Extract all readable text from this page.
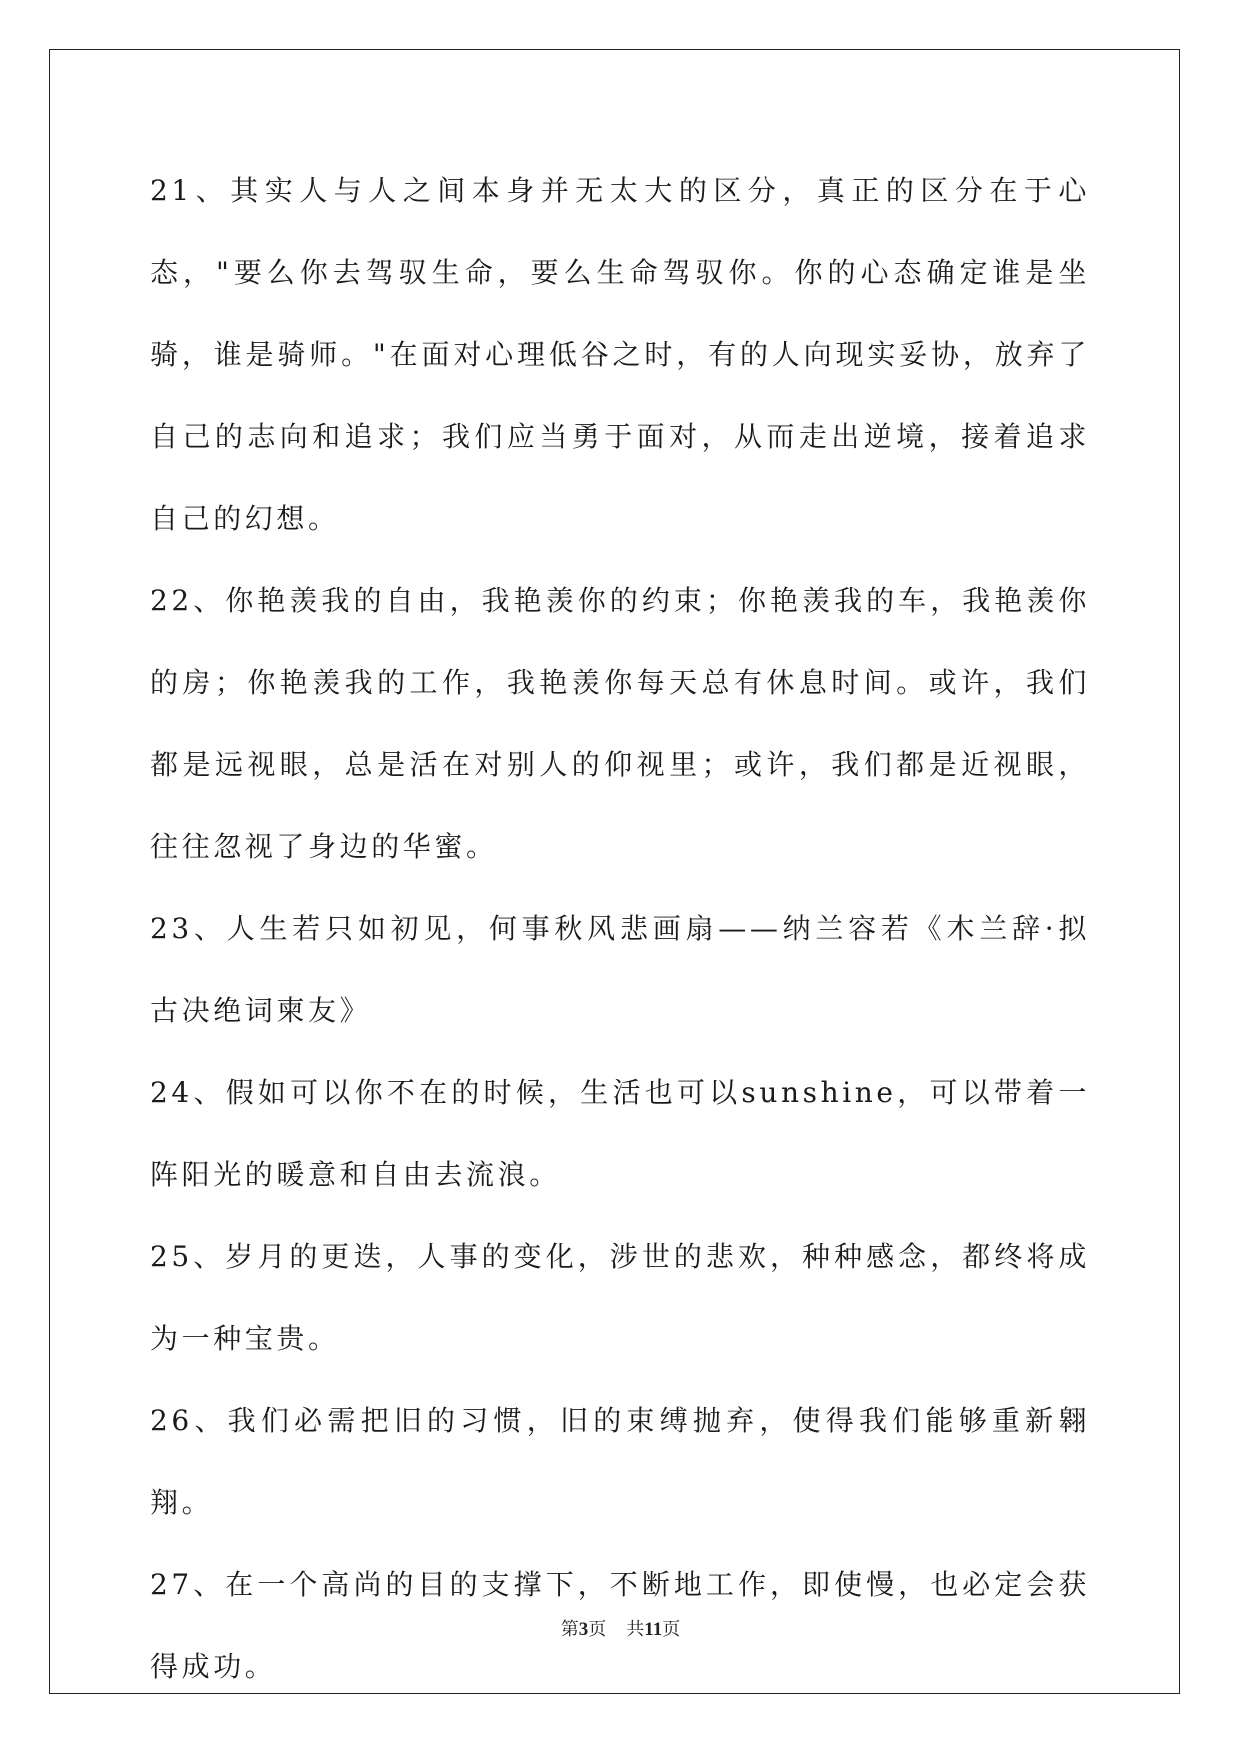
21、其实人与人之间本身并无太大的区分，真正的区分在于心态，"要么你去驾驭生命，要么生命驾驭你。你的心态确定谁是坐骑，谁是骑师。"在面对心理低谷之时，有的人向现实妥协，放弃了自己的志向和追求；我们应当勇于面对，从而走出逆境，接着追求自己的幻想。

22、你艳羡我的自由，我艳羡你的约束；你艳羡我的车，我艳羡你的房；你艳羡我的工作，我艳羡你每天总有休息时间。或许，我们都是远视眼，总是活在对别人的仰视里；或许，我们都是近视眼，往往忽视了身边的华蜜。

23、人生若只如初见，何事秋风悲画扇——纳兰容若《木兰辞·拟古决绝词柬友》

24、假如可以你不在的时候，生活也可以sunshine，可以带着一阵阳光的暖意和自由去流浪。

25、岁月的更迭，人事的变化，涉世的悲欢，种种感念，都终将成为一种宝贵。

26、我们必需把旧的习惯，旧的束缚抛弃，使得我们能够重新翱翔。

27、在一个高尚的目的支撑下，不断地工作，即使慢，也必定会获得成功。

第3页 共11页
